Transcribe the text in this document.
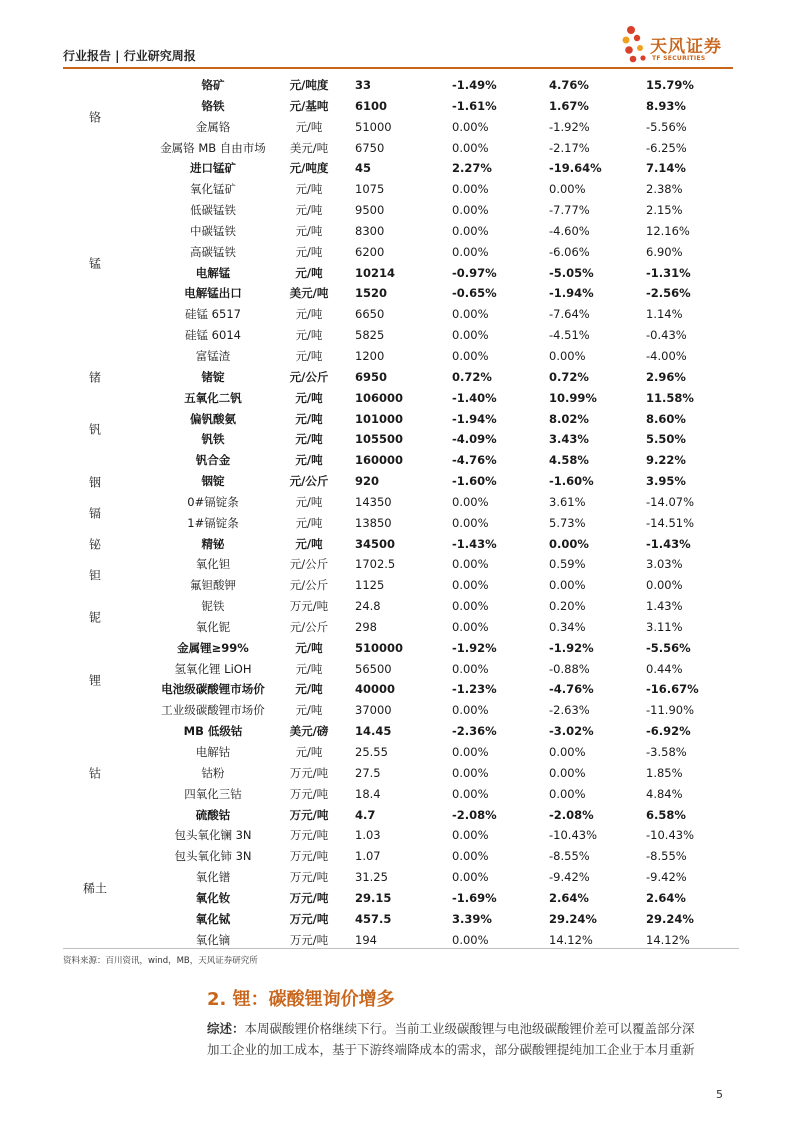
行业报告 | 行业研究周报	天风证券
TF SECURITIES
铬矿	元/吨度	33	-1.49%	4.76%	15.79%
铬铁	元/基吨	6100	-1.61%	1.67%	8.93%
金属铬	元/吨	51000	0.00%	-1.92%	-5.56%
金属铬 MB 自由市场	美元/吨	6750	0.00%	-2.17%	-6.25%
铬
进口锰矿	元/吨度	45	2.27%	-19.64%	7.14%
氧化锰矿	元/吨	1075	0.00%	0.00%	2.38%
低碳锰铁	元/吨	9500	0.00%	-7.77%	2.15%
中碳锰铁	元/吨	8300	0.00%	-4.60%	12.16%
高碳锰铁	元/吨	6200	0.00%	-6.06%	6.90%
电解锰	元/吨	10214	-0.97%	-5.05%	-1.31%
电解锰出口	美元/吨	1520	-0.65%	-1.94%	-2.56%
硅锰 6517	元/吨	6650	0.00%	-7.64%	1.14%
硅锰 6014	元/吨	5825	0.00%	-4.51%	-0.43%
富锰渣	元/吨	1200	0.00%	0.00%	-4.00%
锰
锗锭	元/公斤	6950	0.72%	0.72%	2.96%
锗
五氧化二钒	元/吨	106000	-1.40%	10.99%	11.58%
偏钒酸氨	元/吨	101000	-1.94%	8.02%	8.60%
钒铁	元/吨	105500	-4.09%	3.43%	5.50%
钒合金	元/吨	160000	-4.76%	4.58%	9.22%
钒
铟锭	元/公斤	920	-1.60%	-1.60%	3.95%
铟
0#镉锭条	元/吨	14350	0.00%	3.61%	-14.07%
1#镉锭条	元/吨	13850	0.00%	5.73%	-14.51%
镉
精铋	元/吨	34500	-1.43%	0.00%	-1.43%
铋
氧化钽	元/公斤	1702.5	0.00%	0.59%	3.03%
氟钽酸钾	元/公斤	1125	0.00%	0.00%	0.00%
钽
铌铁	万元/吨	24.8	0.00%	0.20%	1.43%
氧化铌	元/公斤	298	0.00%	0.34%	3.11%
铌
金属锂≥99%	元/吨	510000	-1.92%	-1.92%	-5.56%
氢氧化锂 LiOH	元/吨	56500	0.00%	-0.88%	0.44%
电池级碳酸锂市场价	元/吨	40000	-1.23%	-4.76%	-16.67%
工业级碳酸锂市场价	元/吨	37000	0.00%	-2.63%	-11.90%
锂
MB 低级钴	美元/磅	14.45	-2.36%	-3.02%	-6.92%
电解钴	元/吨	25.55	0.00%	0.00%	-3.58%
钴粉	万元/吨	27.5	0.00%	0.00%	1.85%
四氧化三钴	万元/吨	18.4	0.00%	0.00%	4.84%
硫酸钴	万元/吨	4.7	-2.08%	-2.08%	6.58%
钴
包头氧化镧 3N	万元/吨	1.03	0.00%	-10.43%	-10.43%
包头氧化铈 3N	万元/吨	1.07	0.00%	-8.55%	-8.55%
氧化镨	万元/吨	31.25	0.00%	-9.42%	-9.42%
氧化钕	万元/吨	29.15	-1.69%	2.64%	2.64%
氧化铽	万元/吨	457.5	3.39%	29.24%	29.24%
氧化镝	万元/吨	194	0.00%	14.12%	14.12%
稀土
资料来源：百川资讯，wind，MB，天风证券研究所
2. 锂：碳酸锂询价增多

综述：本周碳酸锂价格继续下行。当前工业级碳酸锂与电池级碳酸锂价差可以覆盖部分深
加工企业的加工成本，基于下游终端降成本的需求，部分碳酸锂提纯加工企业于本月重新

5
